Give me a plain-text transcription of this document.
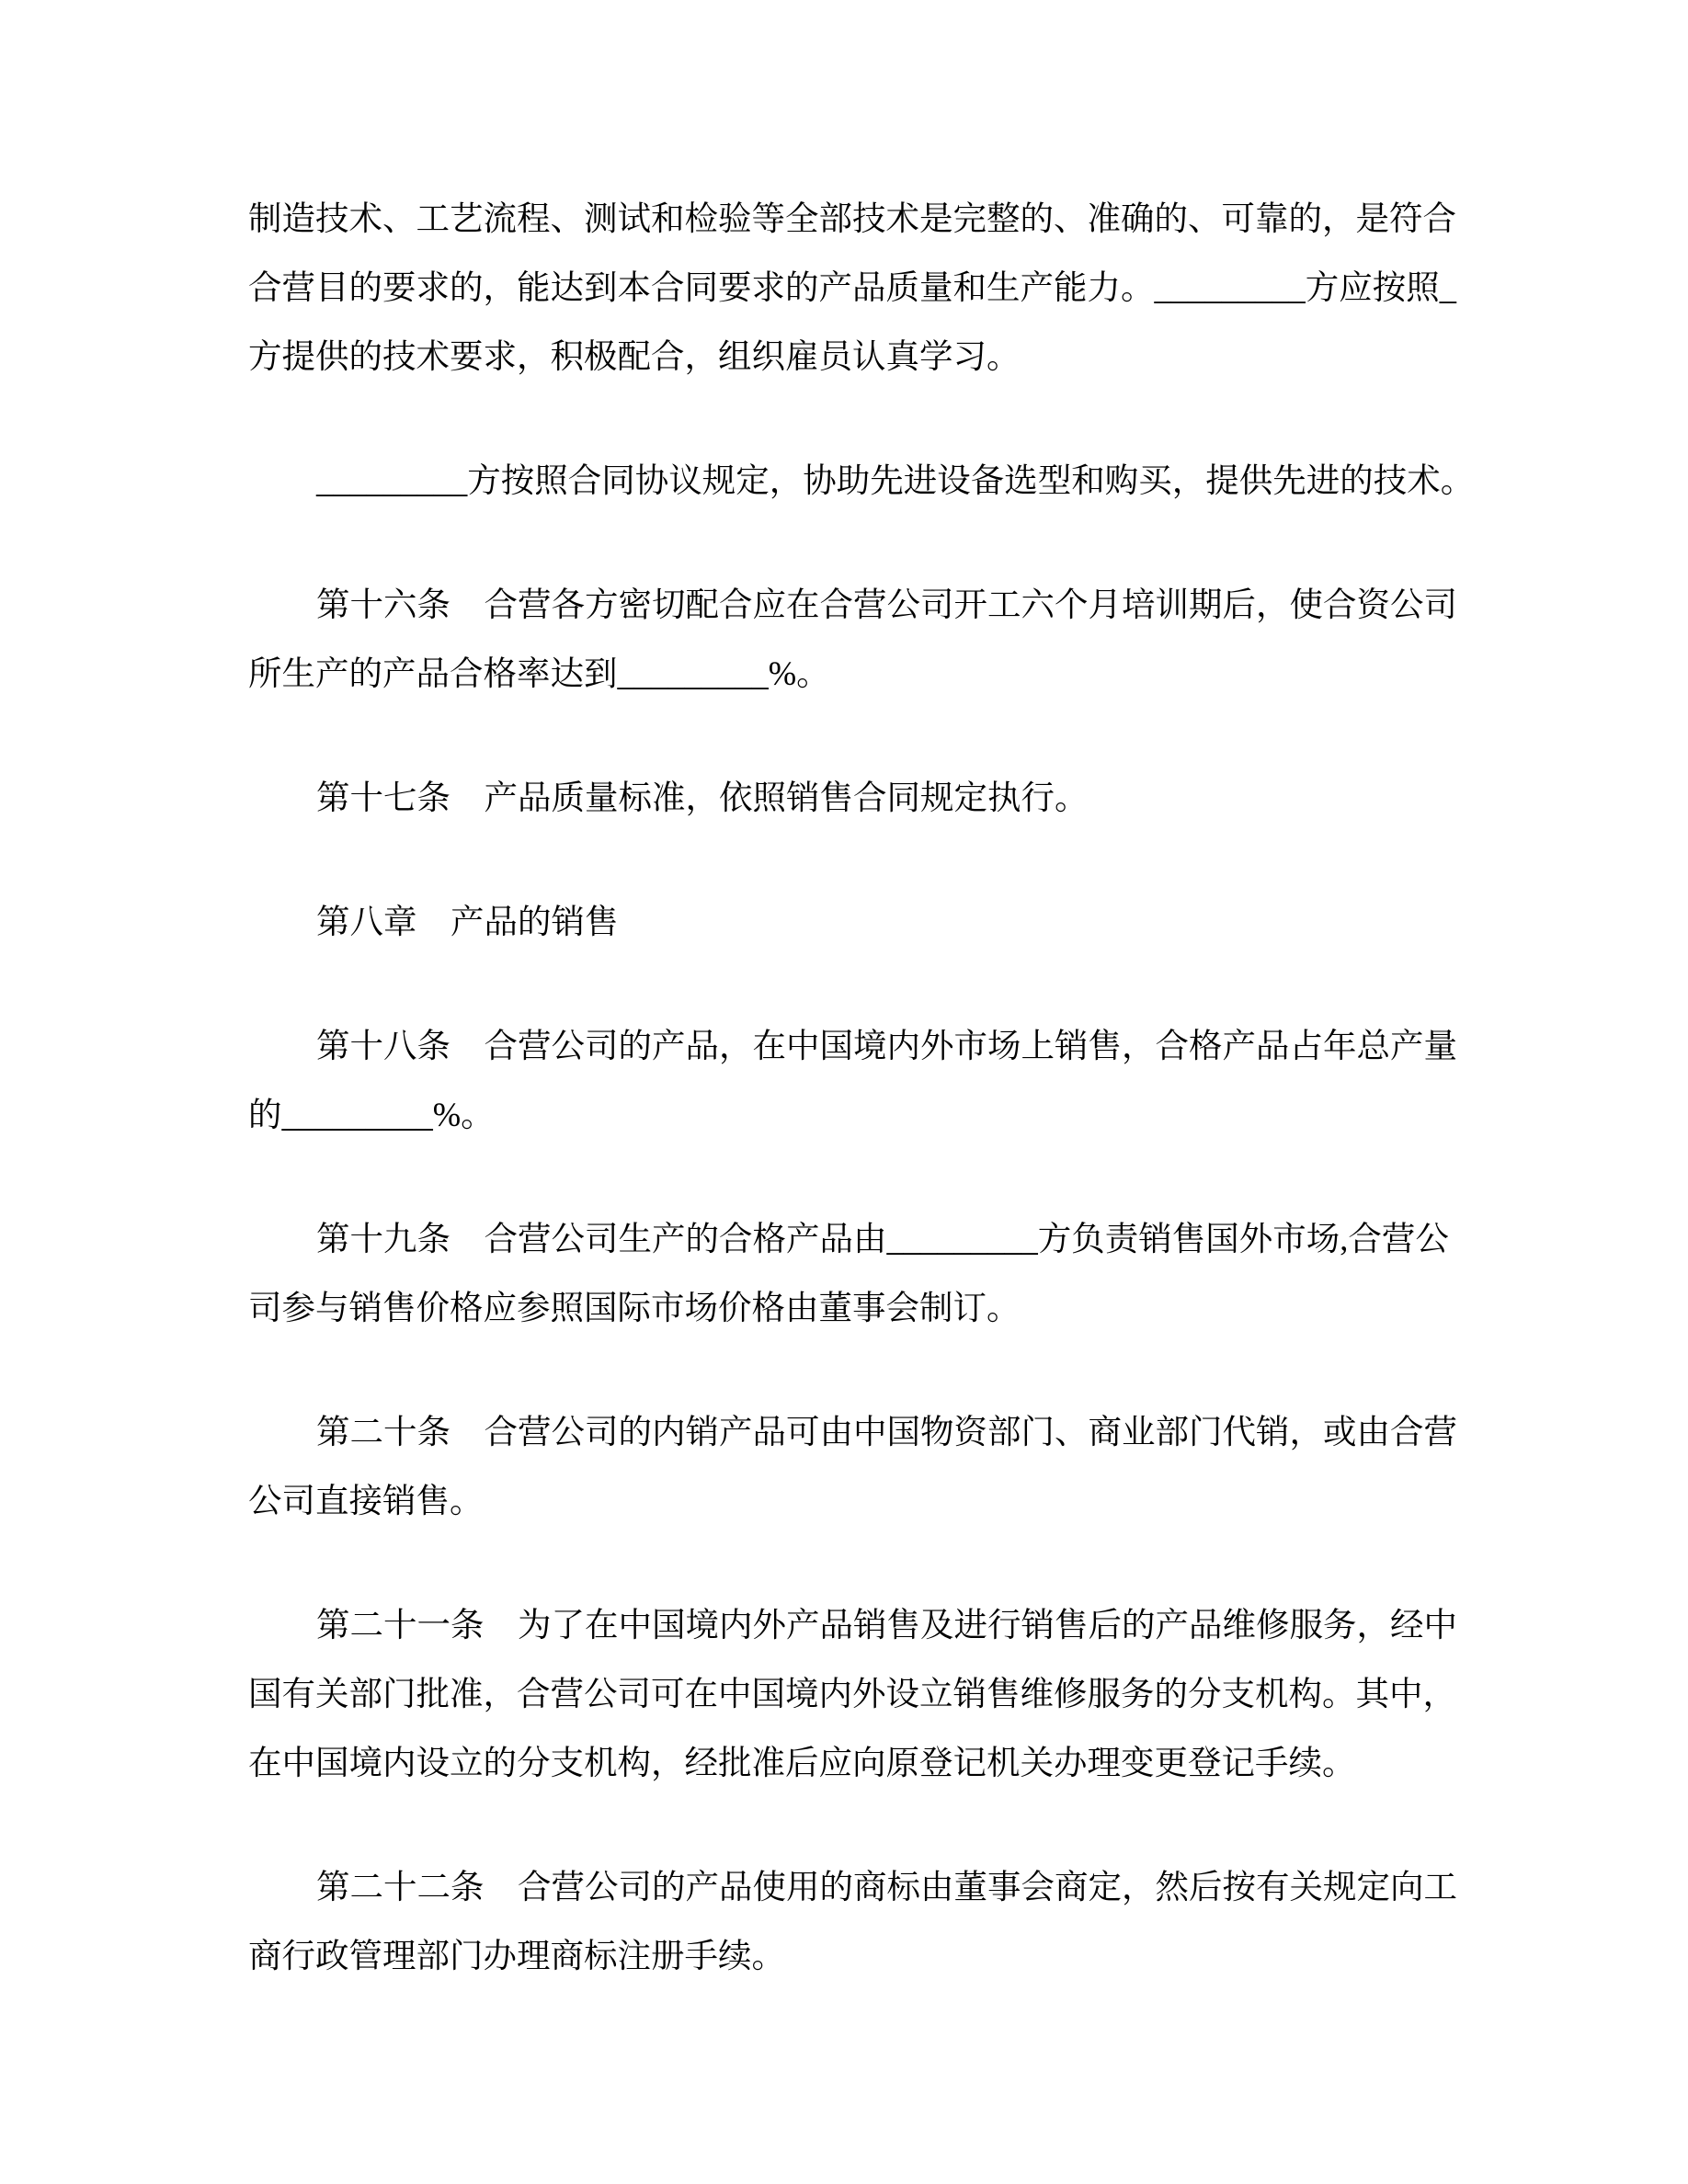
制造技术、工艺流程、测试和检验等全部技术是完整的、准确的、可靠的，是符合
合营目的要求的，能达到本合同要求的产品质量和生产能力。_________方应按照_
方提供的技术要求，积极配合，组织雇员认真学习。
_________方按照合同协议规定，协助先进设备选型和购买，提供先进的技术。
第十六条　合营各方密切配合应在合营公司开工六个月培训期后，使合资公司
所生产的产品合格率达到_________%。
第十七条　产品质量标准，依照销售合同规定执行。
第八章　产品的销售
第十八条　合营公司的产品，在中国境内外市场上销售，合格产品占年总产量
的_________%。
第十九条　合营公司生产的合格产品由_________方负责销售国外市场,合营公
司参与销售价格应参照国际市场价格由董事会制订。
第二十条　合营公司的内销产品可由中国物资部门、商业部门代销，或由合营
公司直接销售。
第二十一条　为了在中国境内外产品销售及进行销售后的产品维修服务，经中
国有关部门批准，合营公司可在中国境内外设立销售维修服务的分支机构。其中，
在中国境内设立的分支机构，经批准后应向原登记机关办理变更登记手续。
第二十二条　合营公司的产品使用的商标由董事会商定，然后按有关规定向工
商行政管理部门办理商标注册手续。
